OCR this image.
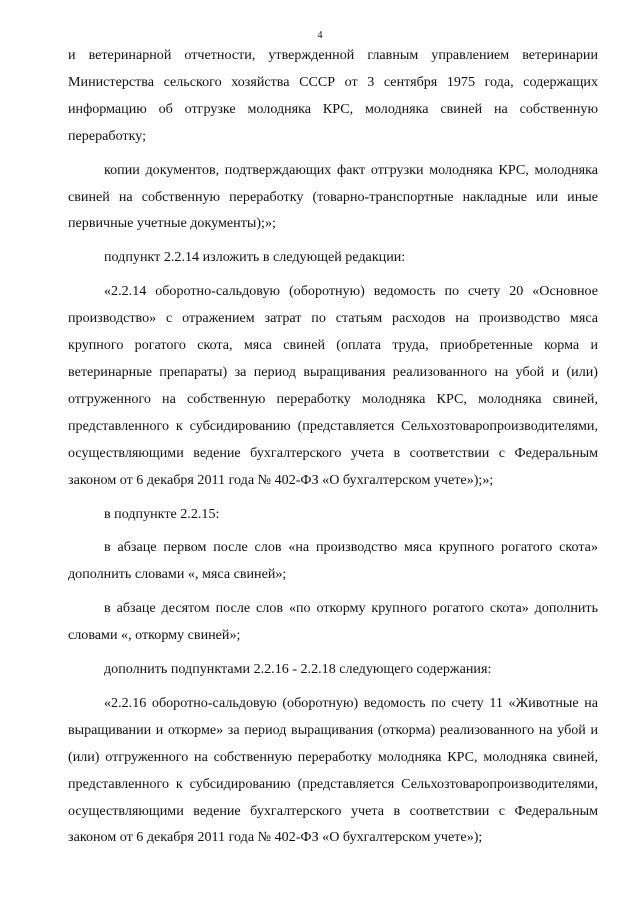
4

и ветеринарной отчетности, утвержденной главным управлением ветеринарии Министерства сельского хозяйства СССР от 3 сентября 1975 года, содержащих информацию об отгрузке молодняка КРС, молодняка свиней на собственную переработку;

копии документов, подтверждающих факт отгрузки молодняка КРС, молодняка свиней на собственную переработку (товарно-транспортные накладные или иные первичные учетные документы);»;

подпункт 2.2.14 изложить в следующей редакции:

«2.2.14 оборотно-сальдовую (оборотную) ведомость по счету 20 «Основное производство» с отражением затрат по статьям расходов на производство мяса крупного рогатого скота, мяса свиней (оплата труда, приобретенные корма и ветеринарные препараты) за период выращивания реализованного на убой и (или) отгруженного на собственную переработку молодняка КРС, молодняка свиней, представленного к субсидированию (представляется Сельхозтоваропроизводителями, осуществляющими ведение бухгалтерского учета в соответствии с Федеральным законом от 6 декабря 2011 года № 402-ФЗ «О бухгалтерском учете»);»;

в подпункте 2.2.15:

в абзаце первом после слов «на производство мяса крупного рогатого скота» дополнить словами «, мяса свиней»;

в абзаце десятом после слов «по откорму крупного рогатого скота» дополнить словами «, откорму свиней»;

дополнить подпунктами 2.2.16 - 2.2.18 следующего содержания:

«2.2.16 оборотно-сальдовую (оборотную) ведомость по счету 11 «Животные на выращивании и откорме» за период выращивания (откорма) реализованного на убой и (или) отгруженного на собственную переработку молодняка КРС, молодняка свиней, представленного к субсидированию (представляется Сельхозтоваропроизводителями, осуществляющими ведение бухгалтерского учета в соответствии с Федеральным законом от 6 декабря 2011 года № 402-ФЗ «О бухгалтерском учете»);
